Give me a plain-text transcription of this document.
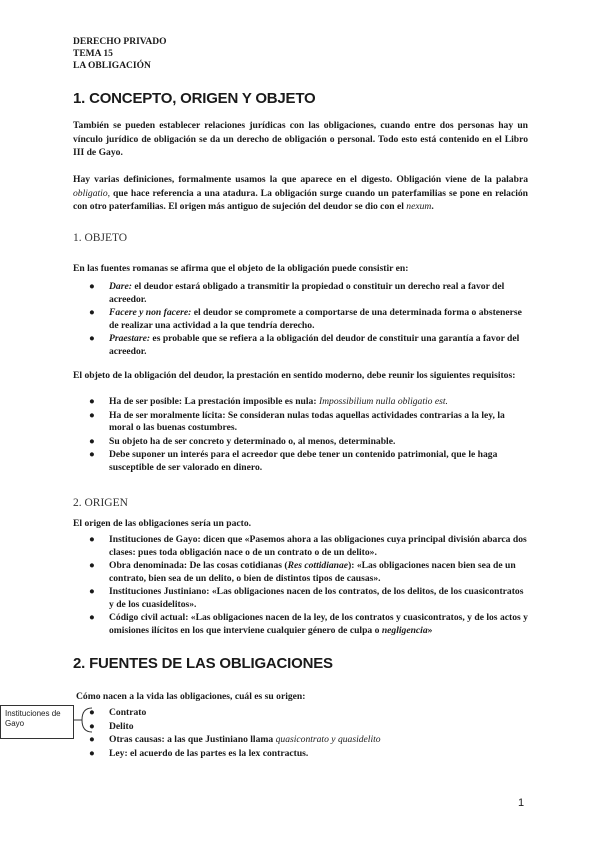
DERECHO PRIVADO
TEMA 15
LA OBLIGACIÓN
1. CONCEPTO, ORIGEN Y OBJETO
También se pueden establecer relaciones jurídicas con las obligaciones, cuando entre dos personas hay un vínculo jurídico de obligación se da un derecho de obligación o personal. Todo esto está contenido en el Libro III de Gayo.
Hay varias definiciones, formalmente usamos la que aparece en el digesto. Obligación viene de la palabra obligatio, que hace referencia a una atadura. La obligación surge cuando un paterfamilias se pone en relación con otro paterfamilias. El origen más antiguo de sujeción del deudor se dio con el nexum.
1. OBJETO
En las fuentes romanas se afirma que el objeto de la obligación puede consistir en:
● Dare: el deudor estará obligado a transmitir la propiedad o constituir un derecho real a favor del acreedor.
● Facere y non facere: el deudor se compromete a comportarse de una determinada forma o abstenerse de realizar una actividad a la que tendría derecho.
● Praestare: es probable que se refiera a la obligación del deudor de constituir una garantía a favor del acreedor.
El objeto de la obligación del deudor, la prestación en sentido moderno, debe reunir los siguientes requisitos:
● Ha de ser posible: La prestación imposible es nula: Impossibilium nulla obligatio est.
● Ha de ser moralmente lícita: Se consideran nulas todas aquellas actividades contrarias a la ley, la moral o las buenas costumbres.
● Su objeto ha de ser concreto y determinado o, al menos, determinable.
● Debe suponer un interés para el acreedor que debe tener un contenido patrimonial, que le haga susceptible de ser valorado en dinero.
2. ORIGEN
El origen de las obligaciones sería un pacto.
● Instituciones de Gayo: dicen que «Pasemos ahora a las obligaciones cuya principal división abarca dos clases: pues toda obligación nace o de un contrato o de un delito».
● Obra denominada: De las cosas cotidianas (Res cottidianae): «Las obligaciones nacen bien sea de un contrato, bien sea de un delito, o bien de distintos tipos de causas».
● Instituciones Justiniano: «Las obligaciones nacen de los contratos, de los delitos, de los cuasicontratos y de los cuasidelitos».
● Código civil actual: «Las obligaciones nacen de la ley, de los contratos y cuasicontratos, y de los actos y omisiones ilícitos en los que interviene cualquier género de culpa o negligencia»
2. FUENTES DE LAS OBLIGACIONES
Cómo nacen a la vida las obligaciones, cuál es su origen:
Instituciones de Gayo
● Contrato
● Delito
● Otras causas: a las que Justiniano llama quasicontrato y quasidelito
● Ley: el acuerdo de las partes es la lex contractus.
1
